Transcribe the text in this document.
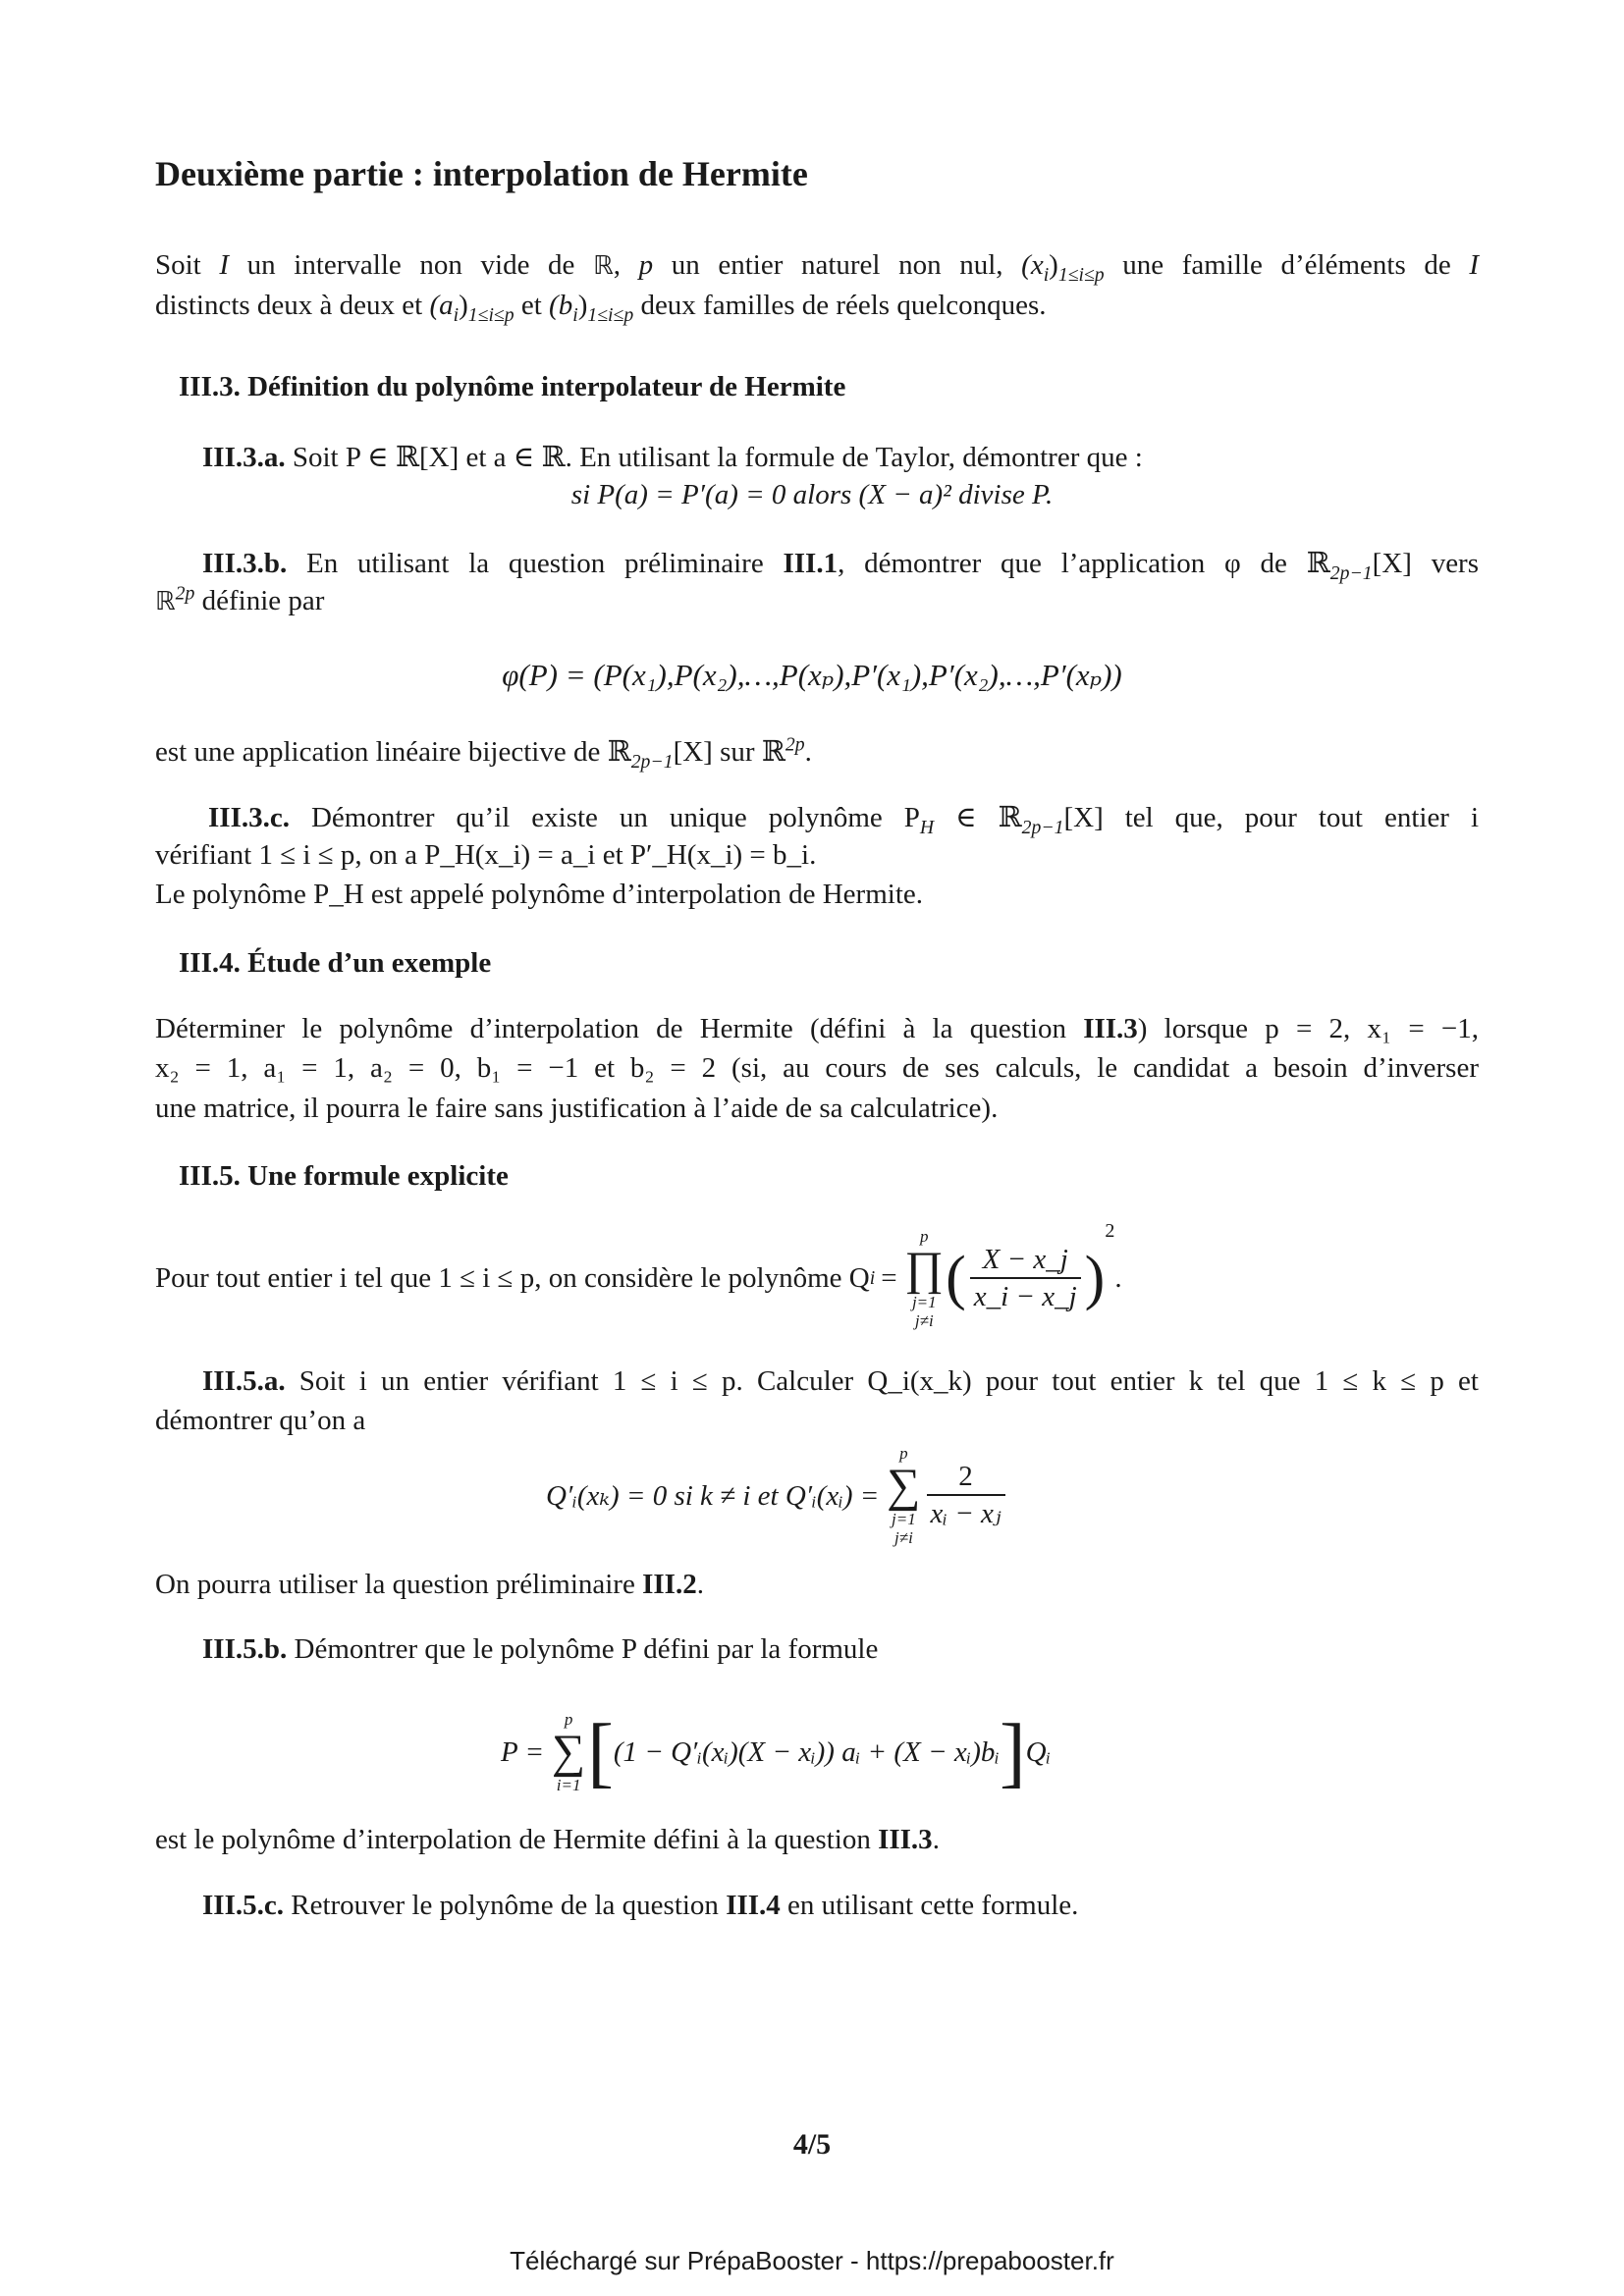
Deuxième partie : interpolation de Hermite
Soit I un intervalle non vide de ℝ, p un entier naturel non nul, $(x_i)_{1\le i\le p}$ une famille d’éléments de I
distincts deux à deux et $(a_i)_{1\le i\le p}$ et $(b_i)_{1\le i\le p}$ deux familles de réels quelconques.
III.3. Définition du polynôme interpolateur de Hermite
III.3.a. Soit P ∈ ℝ[X] et a ∈ ℝ. En utilisant la formule de Taylor, démontrer que :
si P(a) = P′(a) = 0 alors (X − a)² divise P.
III.3.b. En utilisant la question préliminaire III.1, démontrer que l’application φ de ℝ$_{2p-1}$[X] vers
ℝ$^{2p}$ définie par
φ(P) = (P(x₁),P(x₂),…,P(xₚ),P′(x₁),P′(x₂),…,P′(xₚ))
est une application linéaire bijective de ℝ$_{2p-1}$[X] sur ℝ$^{2p}$.
III.3.c. Démontrer qu’il existe un unique polynôme $P_H$ ∈ ℝ$_{2p-1}$[X] tel que, pour tout entier i
vérifiant 1 ≤ i ≤ p, on a P_H(x_i) = a_i et P′_H(x_i) = b_i.
Le polynôme P_H est appelé polynôme d’interpolation de Hermite.
III.4. Étude d’un exemple
Déterminer le polynôme d’interpolation de Hermite (défini à la question III.3) lorsque p = 2, x₁ = −1,
x₂ = 1, a₁ = 1, a₂ = 0, b₁ = −1 et b₂ = 2 (si, au cours de ses calculs, le candidat a besoin d’inverser
une matrice, il pourra le faire sans justification à l’aide de sa calculatrice).
III.5. Une formule explicite
Pour tout entier i tel que 1 ≤ i ≤ p, on considère le polynôme Q i =
p
∏
j=1
j≠i
( $\frac{X - x\_j}{x\_i - x\_j}$ )
2
.
III.5.a. Soit i un entier vérifiant 1 ≤ i ≤ p. Calculer Q_i(x_k) pour tout entier k tel que 1 ≤ k ≤ p et
démontrer qu’on a
Q′ᵢ(xₖ) = 0 si k ≠ i et Q′ᵢ(xᵢ) =
p
∑
j=1
j≠i
$\frac{2}{\text{xᵢ − xⱼ}}$
On pourra utiliser la question préliminaire III.2.
III.5.b. Démontrer que le polynôme P défini par la formule
P =
p
∑
i=1 [ (1 − Q′ᵢ(xᵢ)(X − xᵢ)) aᵢ + (X − xᵢ)bᵢ ] Qᵢ
est le polynôme d’interpolation de Hermite défini à la question III.3.
III.5.c. Retrouver le polynôme de la question III.4 en utilisant cette formule.
4/5
Téléchargé sur PrépaBooster - https://prepabooster.fr
